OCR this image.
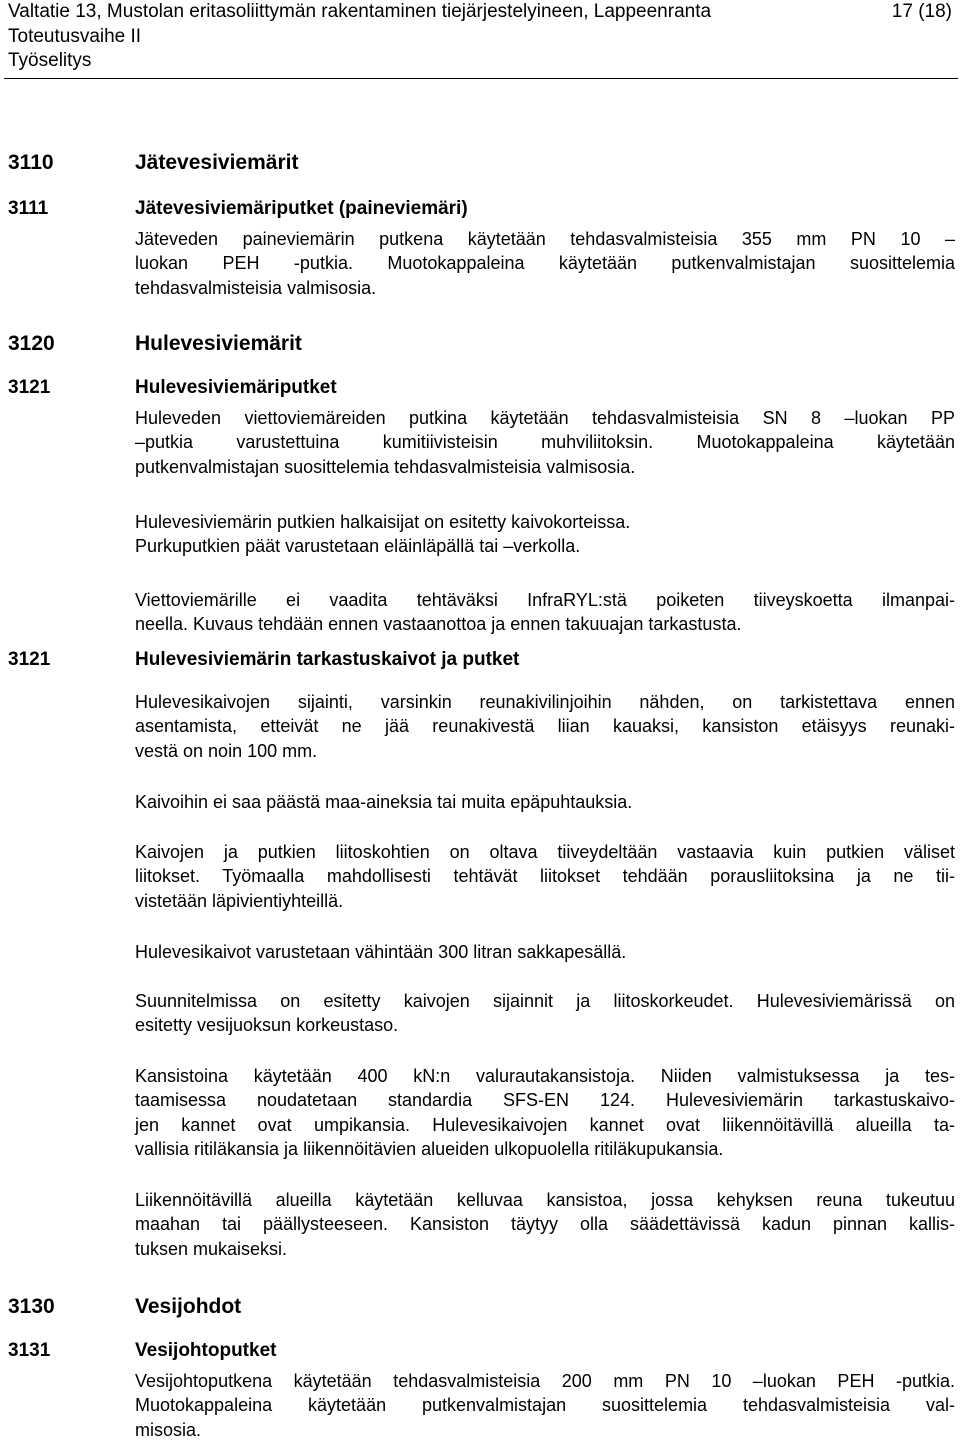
Valtatie 13, Mustolan eritasoliittymän rakentaminen tiejärjestelyineen, Lappeenranta	17 (18)
Toteutusvaihe II
Työselitys
3110	Jätevesiviemärit
3111	Jätevesiviemäriputket (paineviemäri)
Jäteveden paineviemärin putkena käytetään tehdasvalmisteisia 355 mm PN 10 –
luokan PEH -putkia. Muotokappaleina käytetään putkenvalmistajan suosittelemia
tehdasvalmisteisia valmisosia.
3120	Hulevesiviemärit
3121	Hulevesiviemäriputket
Huleveden viettoviemäreiden putkina käytetään tehdasvalmisteisia SN 8 –luokan PP
–putkia varustettuina kumitiivisteisin muhviliitoksin. Muotokappaleina käytetään
putkenvalmistajan suosittelemia tehdasvalmisteisia valmisosia.
Hulevesiviemärin putkien halkaisijat on esitetty kaivokorteissa.
Purkuputkien päät varustetaan eläinläpällä tai –verkolla.
Viettoviemärille ei vaadita tehtäväksi InfraRYL:stä poiketen tiiveyskoetta ilmanpai-
neella. Kuvaus tehdään ennen vastaanottoa ja ennen takuuajan tarkastusta.
3121	Hulevesiviemärin tarkastuskaivot ja putket
Hulevesikaivojen sijainti, varsinkin reunakivilinjoihin nähden, on tarkistettava ennen
asentamista, etteivät ne jää reunakivestä liian kauaksi, kansiston etäisyys reunaki-
vestä on noin 100 mm.
Kaivoihin ei saa päästä maa-aineksia tai muita epäpuhtauksia.
Kaivojen ja putkien liitoskohtien on oltava tiiveydeltään vastaavia kuin putkien väliset
liitokset. Työmaalla mahdollisesti tehtävät liitokset tehdään porausliitoksina ja ne tii-
vistetään läpivientiyhteillä.
Hulevesikaivot varustetaan vähintään 300 litran sakkapesällä.
Suunnitelmissa on esitetty kaivojen sijainnit ja liitoskorkeudet. Hulevesiviemärissä on
esitetty vesijuoksun korkeustaso.
Kansistoina käytetään 400 kN:n valurautakansistoja. Niiden valmistuksessa ja tes-
taamisessa noudatetaan standardia SFS-EN 124. Hulevesiviemärin tarkastuskaivo-
jen kannet ovat umpikansia. Hulevesikaivojen kannet ovat liikennöitävillä alueilla ta-
vallisia ritiläkansia ja liikennöitävien alueiden ulkopuolella ritiläkupukansia.
Liikennöitävillä alueilla käytetään kelluvaa kansistoa, jossa kehyksen reuna tukeutuu
maahan tai päällysteeseen. Kansiston täytyy olla säädettävissä kadun pinnan kallis-
tuksen mukaiseksi.
3130	Vesijohdot
3131	Vesijohtoputket
Vesijohtoputkena käytetään tehdasvalmisteisia 200 mm PN 10 –luokan PEH -putkia.
Muotokappaleina käytetään putkenvalmistajan suosittelemia tehdasvalmisteisia val-
misosia.
